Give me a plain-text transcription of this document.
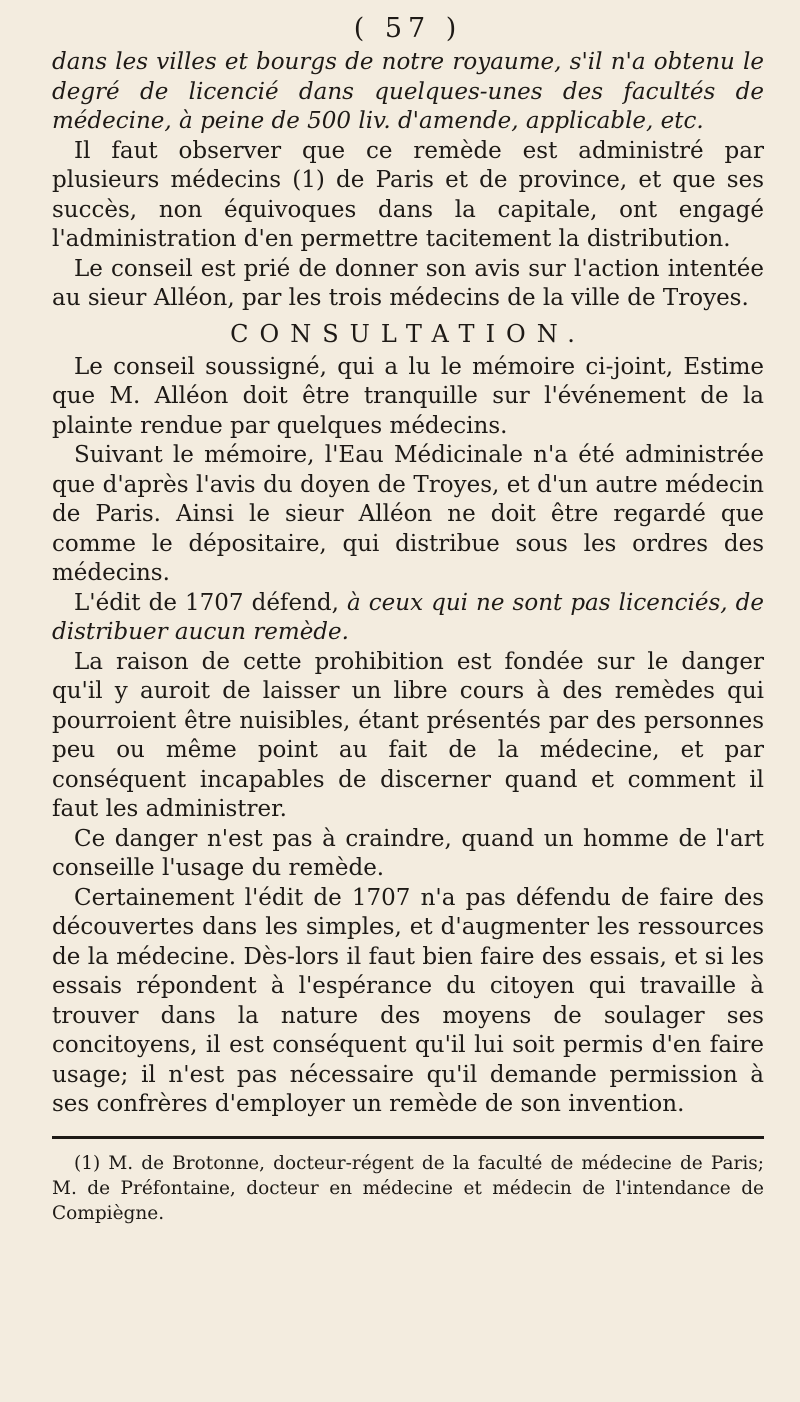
( 57 )

dans les villes et bourgs de notre royaume, s'il n'a obtenu le degré de licencié dans quelques-unes des facultés de médecine, à peine de 500 liv. d'amende, applicable, etc.

Il faut observer que ce remède est administré par plusieurs médecins (1) de Paris et de province, et que ses succès, non équivoques dans la capitale, ont engagé l'administration d'en permettre tacitement la distribution.

Le conseil est prié de donner son avis sur l'action intentée au sieur Alléon, par les trois médecins de la ville de Troyes.

CONSULTATION.

Le conseil soussigné, qui a lu le mémoire ci-joint, Estime que M. Alléon doit être tranquille sur l'événement de la plainte rendue par quelques médecins.

Suivant le mémoire, l'Eau Médicinale n'a été administrée que d'après l'avis du doyen de Troyes, et d'un autre médecin de Paris. Ainsi le sieur Alléon ne doit être regardé que comme le dépositaire, qui distribue sous les ordres des médecins.

L'édit de 1707 défend, à ceux qui ne sont pas licenciés, de distribuer aucun remède.

La raison de cette prohibition est fondée sur le danger qu'il y auroit de laisser un libre cours à des remèdes qui pourroient être nuisibles, étant présentés par des personnes peu ou même point au fait de la médecine, et par conséquent incapables de discerner quand et comment il faut les administrer.

Ce danger n'est pas à craindre, quand un homme de l'art conseille l'usage du remède.

Certainement l'édit de 1707 n'a pas défendu de faire des découvertes dans les simples, et d'augmenter les ressources de la médecine. Dès-lors il faut bien faire des essais, et si les essais répondent à l'espérance du citoyen qui travaille à trouver dans la nature des moyens de soulager ses concitoyens, il est conséquent qu'il lui soit permis d'en faire usage; il n'est pas nécessaire qu'il demande permission à ses confrères d'employer un remède de son invention.

(1) M. de Brotonne, docteur-régent de la faculté de médecine de Paris; M. de Préfontaine, docteur en médecine et médecin de l'intendance de Compiègne.
